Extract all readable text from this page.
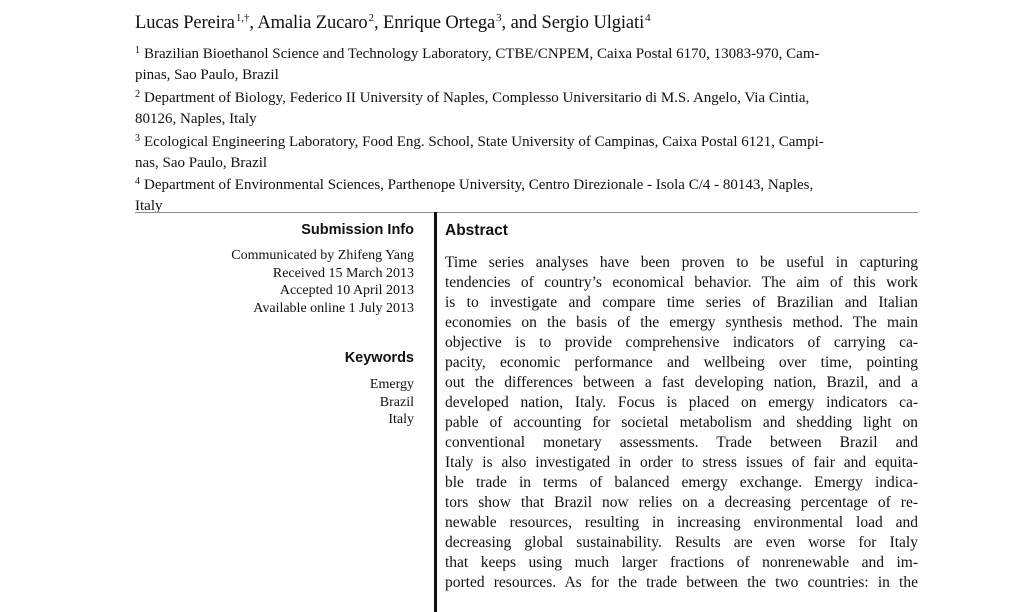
Lucas Pereira$^{1,\dagger}$, Amalia Zucaro$^2$, Enrique Ortega$^3$, and Sergio Ulgiati$^4$
$^1$ Brazilian Bioethanol Science and Technology Laboratory, CTBE/CNPEM, Caixa Postal 6170, 13083-970, Cam-
pinas, Sao Paulo, Brazil
$^2$ Department of Biology, Federico II University of Naples, Complesso Universitario di M.S. Angelo, Via Cintia,
80126, Naples, Italy
$^3$ Ecological Engineering Laboratory, Food Eng. School, State University of Campinas, Caixa Postal 6121, Campi-
nas, Sao Paulo, Brazil
$^4$ Department of Environmental Sciences, Parthenope University, Centro Direzionale - Isola C/4 - 80143, Naples,
Italy
Submission Info
Communicated by Zhifeng Yang
Received 15 March 2013
Accepted 10 April 2013
Available online 1 July 2013
Keywords
Emergy
Brazil
Italy
Abstract
Time series analyses have been proven to be useful in capturing
tendencies of country’s economical behavior. The aim of this work
is to investigate and compare time series of Brazilian and Italian
economies on the basis of the emergy synthesis method. The main
objective is to provide comprehensive indicators of carrying ca-
pacity, economic performance and wellbeing over time, pointing
out the differences between a fast developing nation, Brazil, and a
developed nation, Italy. Focus is placed on emergy indicators ca-
pable of accounting for societal metabolism and shedding light on
conventional monetary assessments. Trade between Brazil and
Italy is also investigated in order to stress issues of fair and equita-
ble trade in terms of balanced emergy exchange. Emergy indica-
tors show that Brazil now relies on a decreasing percentage of re-
newable resources, resulting in increasing environmental load and
decreasing global sustainability. Results are even worse for Italy
that keeps using much larger fractions of nonrenewable and im-
ported resources. As for the trade between the two countries: in the
